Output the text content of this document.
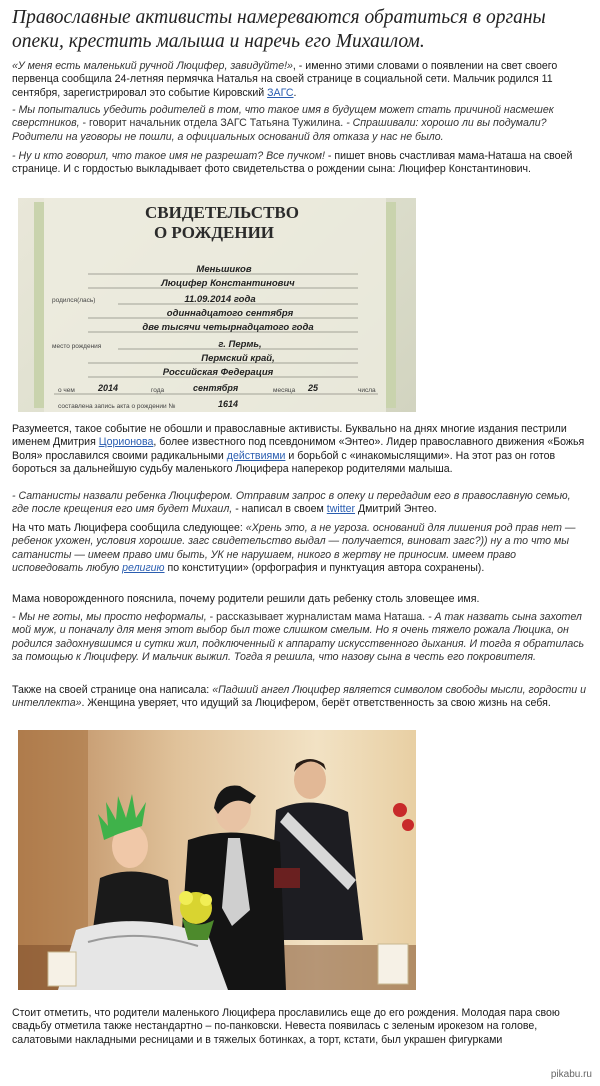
Православные активисты намереваются обратиться в органы опеки, крестить малыша и наречь его Михаилом.
«У меня есть маленький ручной Люцифер, завидуйте!», - именно этими словами о появлении на свет своего первенца сообщила 24-летняя пермячка Наталья на своей странице в социальной сети. Мальчик родился 11 сентября, зарегистрировал это событие Кировский ЗАГС.
- Мы попытались убедить родителей в том, что такое имя в будущем может стать причиной насмешек сверстников, - говорит начальник отдела ЗАГС Татьяна Тужилина. - Спрашивали: хорошо ли вы подумали? Родители на уговоры не пошли, а официальных оснований для отказа у нас не было.
- Ну и кто говорил, что такое имя не разрешат? Все пучком! - пишет вновь счастливая мама-Наташа на своей странице. И с гордостью выкладывает фото свидетельства о рождении сына: Люцифер Константинович.
СВИДЕТЕЛЬСТВО
О РОЖДЕНИИ
Меньшиков
Люцифер Константинович
родился(лась)	11.09.2014 года
одиннадцатого сентября
две тысячи четырнадцатого года
место рождения	г. Пермь,
Пермский край,
Российская Федерация
о чем	2014	года	сентября	месяца 25	числа
составлена запись акта о рождении №	1614
Разумеется, такое событие не обошли и православные активисты. Буквально на днях многие издания пестрили именем Дмитрия Цорионова, более известного под псевдонимом «Энтео». Лидер православного движения «Божья Воля» прославился своими радикальными действиями и борьбой с «инакомыслящими». На этот раз он готов бороться за дальнейшую судьбу маленького Люцифера наперекор родителями малыша.
- Сатанисты назвали ребенка Люцифером. Отправим запрос в опеку и передадим его в православную семью, где после крещения его имя будет Михаил, - написал в своем twitter Дмитрий Энтео.
На что мать Люцифера сообщила следующее: «Хрень это, а не угроза. оснований для лишения род прав нет — ребенок ухожен, условия хорошие. загс свидетельство выдал — получается, виноват загс?)) ну а то что мы сатанисты — имеем право ими быть, УК не нарушаем, никого в жертву не приносим. имеем право исповедовать любую религию по конституции» (орфография и пунктуация автора сохранены).
Мама новорожденного пояснила, почему родители решили дать ребенку столь зловещее имя.
- Мы не готы, мы просто неформалы, - рассказывает журналистам мама Наташа. - А так назвать сына захотел мой муж, и поначалу для меня этот выбор был тоже слишком смелым. Но я очень тяжело рожала Люцика, он родился задохнувшимся и сутки жил, подключенный к аппарату искусственного дыхания. И тогда я обратилась за помощью к Люциферу. И мальчик выжил. Тогда я решила, что назову сына в честь его покровителя.
Также на своей странице она написала: «Падший ангел Люцифер является символом свободы мысли, гордости и интеллекта». Женщина уверяет, что идущий за Люцифером, берёт ответственность за свою жизнь на себя.
Стоит отметить, что родители маленького Люцифера прославились еще до его рождения. Молодая пара свою свадьбу отметила также нестандартно – по-панковски. Невеста появилась с зеленым ирокезом на голове, салатовыми накладными ресницами и в тяжелых ботинках, а торт, кстати, был украшен фигурками
pikabu.ru
